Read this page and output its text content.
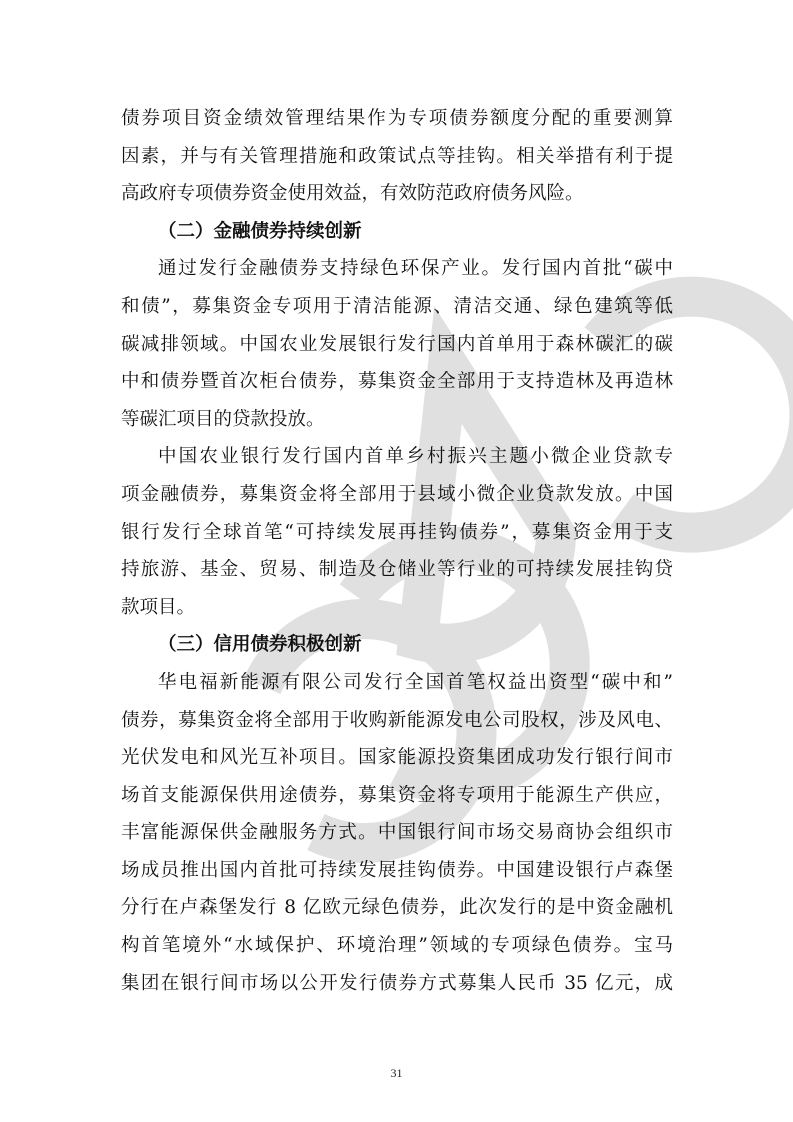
债券项目资金绩效管理结果作为专项债券额度分配的重要测算
因素，并与有关管理措施和政策试点等挂钩。相关举措有利于提
高政府专项债券资金使用效益，有效防范政府债务风险。
（二）金融债券持续创新
通过发行金融债券支持绿色环保产业。发行国内首批“碳中
和债”，募集资金专项用于清洁能源、清洁交通、绿色建筑等低
碳减排领域。中国农业发展银行发行国内首单用于森林碳汇的碳
中和债券暨首次柜台债券，募集资金全部用于支持造林及再造林
等碳汇项目的贷款投放。
中国农业银行发行国内首单乡村振兴主题小微企业贷款专
项金融债券，募集资金将全部用于县域小微企业贷款发放。中国
银行发行全球首笔“可持续发展再挂钩债券”，募集资金用于支
持旅游、基金、贸易、制造及仓储业等行业的可持续发展挂钩贷
款项目。
（三）信用债券积极创新
华电福新能源有限公司发行全国首笔权益出资型“碳中和”
债券，募集资金将全部用于收购新能源发电公司股权，涉及风电、
光伏发电和风光互补项目。国家能源投资集团成功发行银行间市
场首支能源保供用途债券，募集资金将专项用于能源生产供应，
丰富能源保供金融服务方式。中国银行间市场交易商协会组织市
场成员推出国内首批可持续发展挂钩债券。中国建设银行卢森堡
分行在卢森堡发行 8 亿欧元绿色债券，此次发行的是中资金融机
构首笔境外“水域保护、环境治理”领域的专项绿色债券。宝马
集团在银行间市场以公开发行债券方式募集人民币 35 亿元，成
31
